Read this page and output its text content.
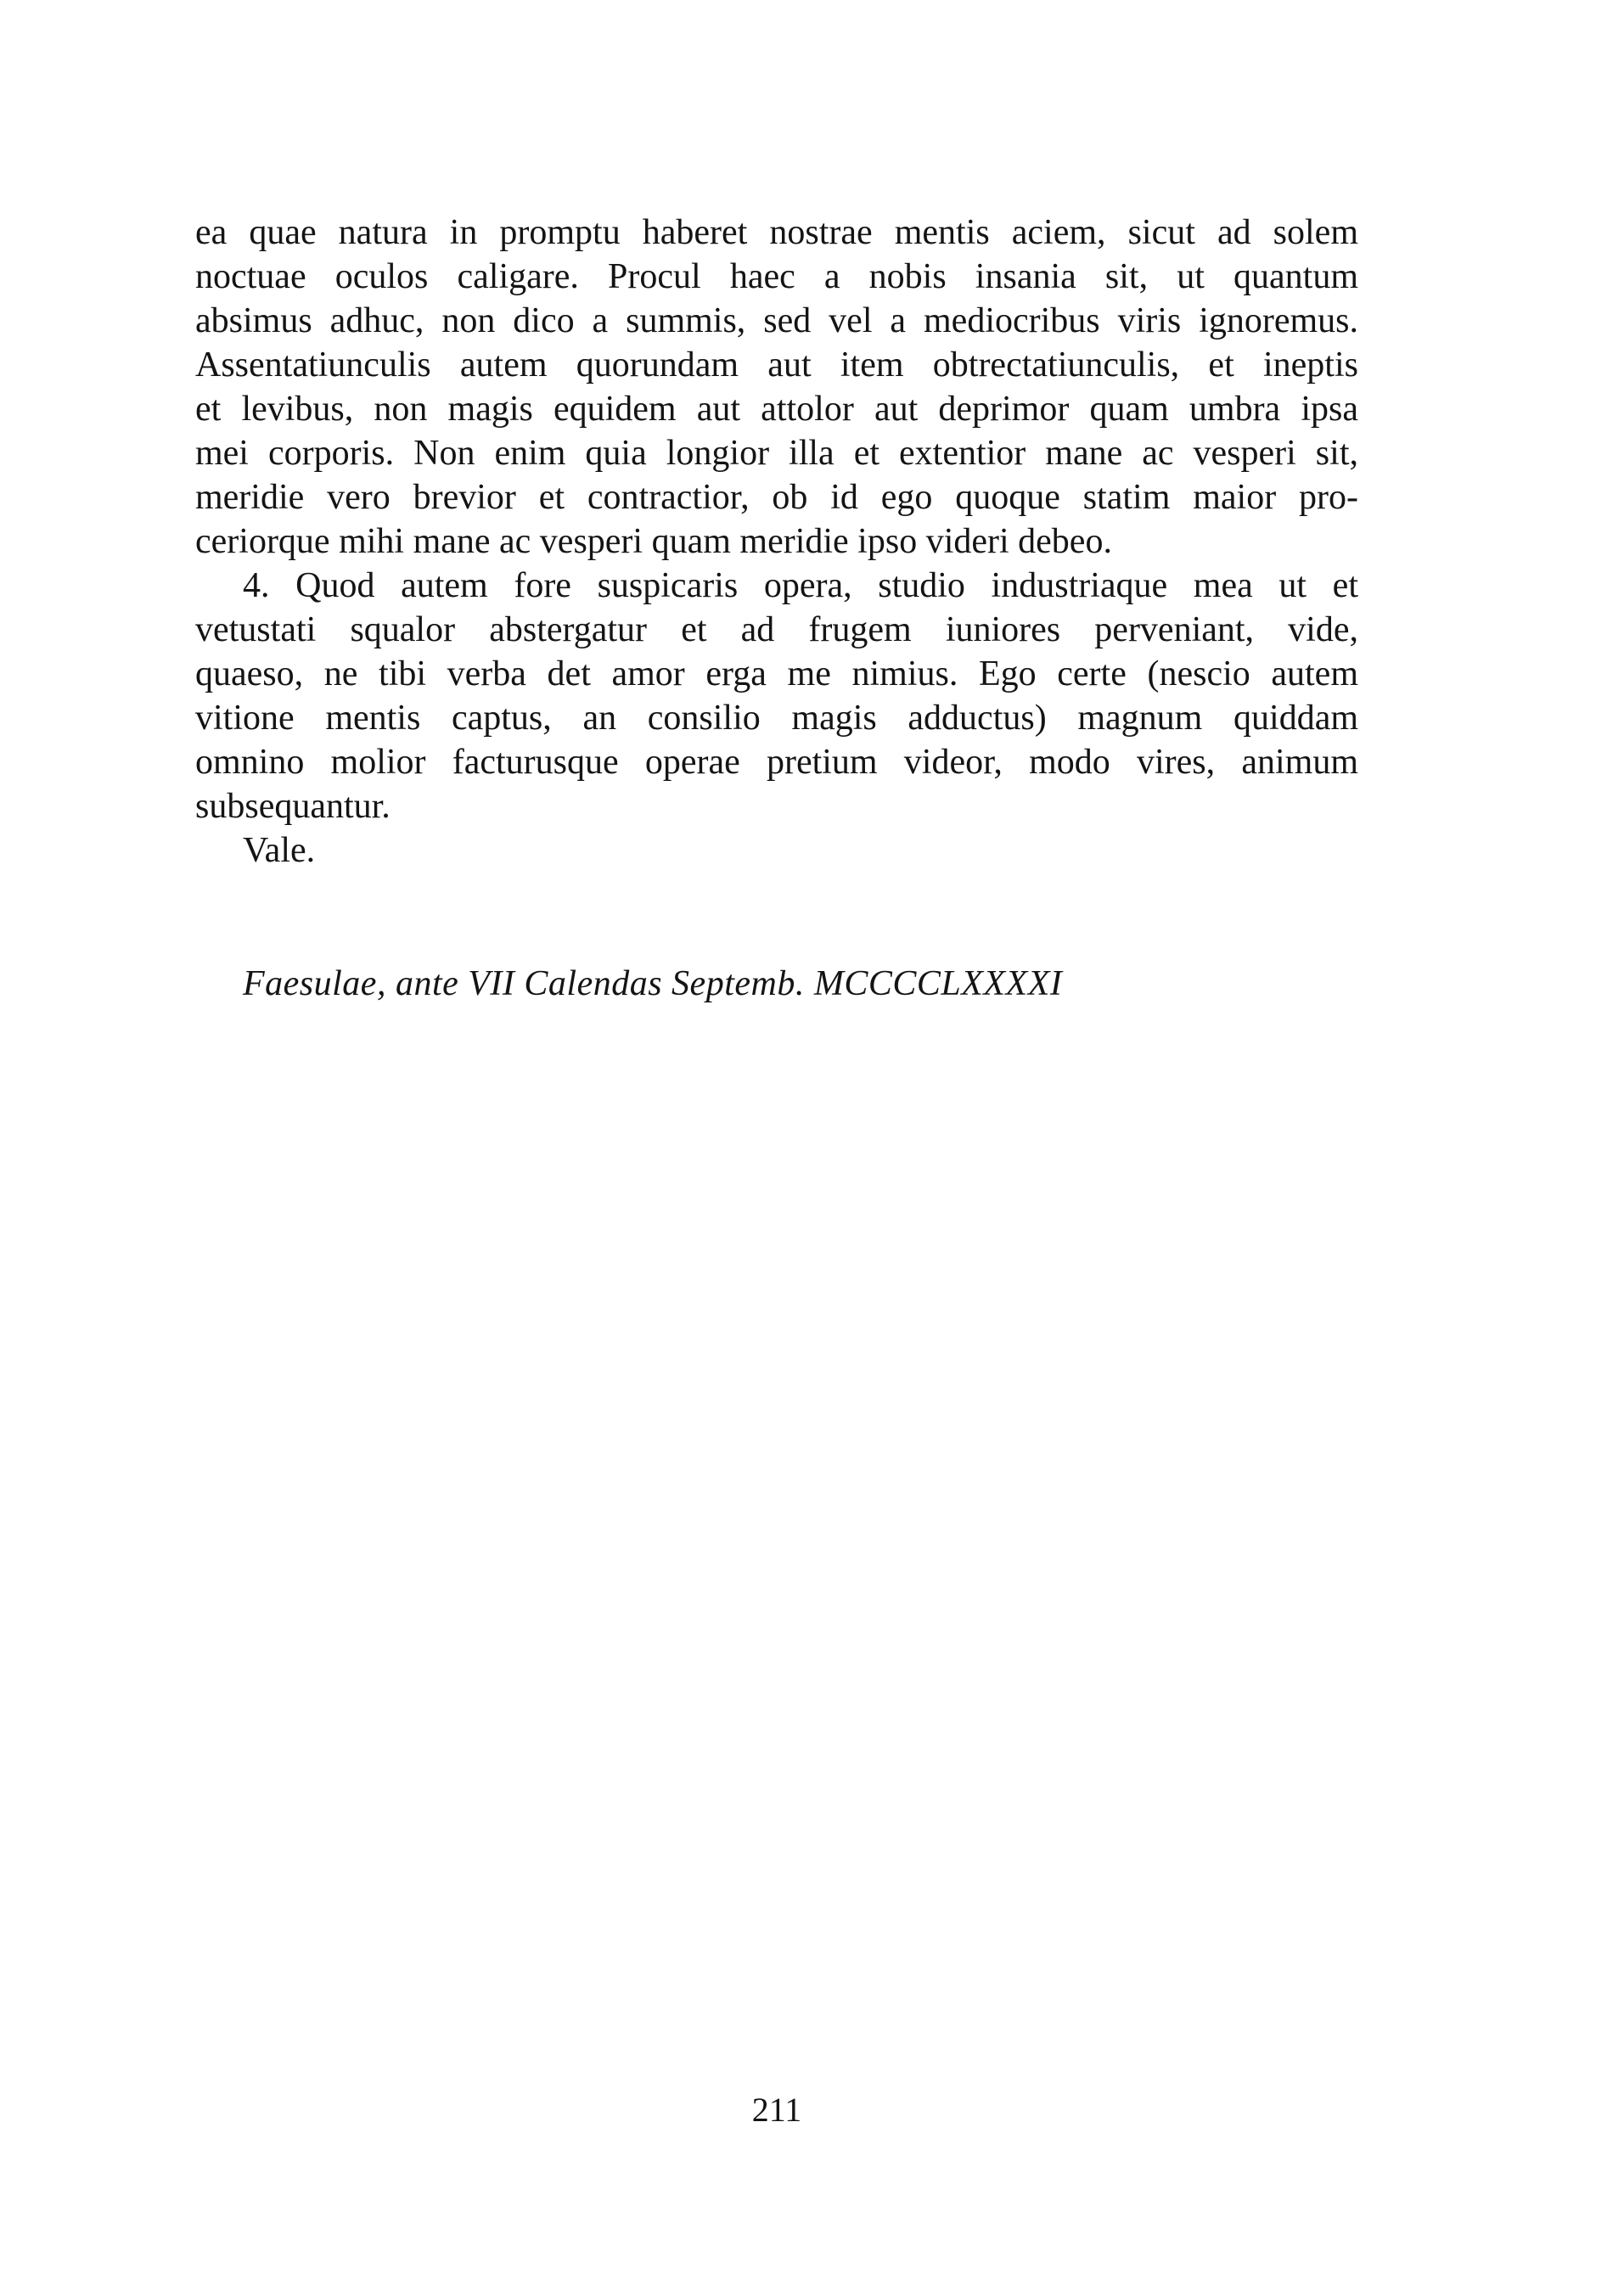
ea quae natura in promptu haberet nostrae mentis aciem, sicut ad solem
noctuae oculos caligare. Procul haec a nobis insania sit, ut quantum
absimus adhuc, non dico a summis, sed vel a mediocribus viris ignoremus.
Assentatiunculis autem quorundam aut item obtrectatiunculis, et ineptis
et levibus, non magis equidem aut attolor aut deprimor quam umbra ipsa
mei corporis. Non enim quia longior illa et extentior mane ac vesperi sit,
meridie vero brevior et contractior, ob id ego quoque statim maior pro-
ceriorque mihi mane ac vesperi quam meridie ipso videri debeo.
4. Quod autem fore suspicaris opera, studio industriaque mea ut et
vetustati squalor abstergatur et ad frugem iuniores perveniant, vide,
quaeso, ne tibi verba det amor erga me nimius. Ego certe (nescio autem
vitione mentis captus, an consilio magis adductus) magnum quiddam
omnino molior facturusque operae pretium videor, modo vires, animum
subsequantur.
Vale.
Faesulae, ante VII Calendas Septemb. MCCCCLXXXXI
211
